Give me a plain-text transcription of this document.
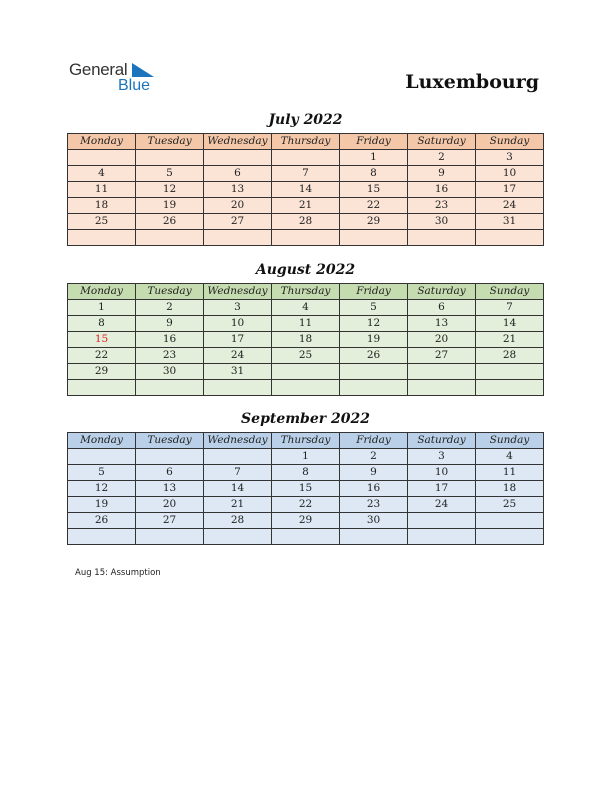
General
Blue	Luxembourg
July 2022
Monday	Tuesday	Wednesday	Thursday	Friday	Saturday	Sunday
				1	2	3
4	5	6	7	8	9	10
11	12	13	14	15	16	17
18	19	20	21	22	23	24
25	26	27	28	29	30	31

August 2022
Monday	Tuesday	Wednesday	Thursday	Friday	Saturday	Sunday
1	2	3	4	5	6	7
8	9	10	11	12	13	14
15	16	17	18	19	20	21
22	23	24	25	26	27	28
29	30	31				

September 2022
Monday	Tuesday	Wednesday	Thursday	Friday	Saturday	Sunday
			1	2	3	4
5	6	7	8	9	10	11
12	13	14	15	16	17	18
19	20	21	22	23	24	25
26	27	28	29	30		

Aug 15: Assumption
